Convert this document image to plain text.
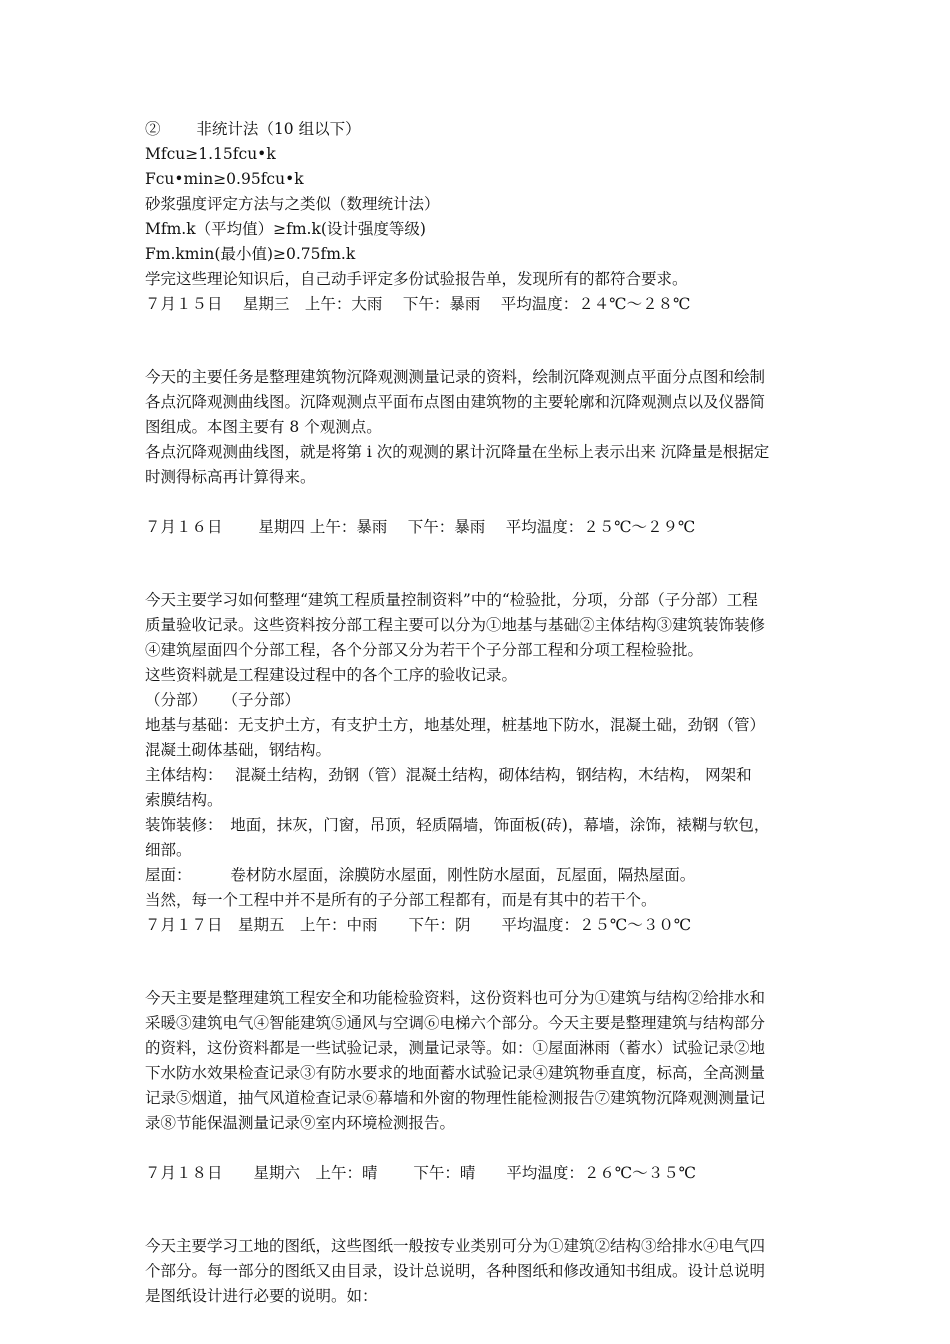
②　　 非统计法（10 组以下）
Mfcu≥1.15fcu•k
Fcu•min≥0.95fcu•k
砂浆强度评定方法与之类似（数理统计法）
Mfm.k（平均值）≥fm.k(设计强度等级)
Fm.kmin(最小值)≥0.75fm.k
学完这些理论知识后，自己动手评定多份试验报告单，发现所有的都符合要求。
７月１５日　 星期三　上午：大雨　 下午：暴雨　 平均温度：２４℃～２８℃
今天的主要任务是整理建筑物沉降观测测量记录的资料，绘制沉降观测点平面分点图和绘制
各点沉降观测曲线图。沉降观测点平面布点图由建筑物的主要轮廓和沉降观测点以及仪器简
图组成。本图主要有 8 个观测点。
各点沉降观测曲线图，就是将第 i 次的观测的累计沉降量在坐标上表示出来 沉降量是根据定
时测得标高再计算得来。
７月１６日　　 星期四 上午：暴雨　 下午：暴雨　 平均温度：２５℃～２９℃
今天主要学习如何整理“建筑工程质量控制资料”中的“检验批，分项，分部（子分部）工程
质量验收记录。这些资料按分部工程主要可以分为①地基与基础②主体结构③建筑装饰装修
④建筑屋面四个分部工程，各个分部又分为若干个子分部工程和分项工程检验批。
这些资料就是工程建设过程中的各个工序的验收记录。
（分部）　　（子分部）
地基与基础：无支护土方，有支护土方，地基处理，桩基地下防水，混凝土础，劲钢（管）
混凝土砌体基础，钢结构。
主体结构：　 混凝土结构，劲钢（管）混凝土结构，砌体结构，钢结构，木结构， 网架和
索膜结构。
装饰装修：　地面，抹灰，门窗，吊顶，轻质隔墙，饰面板(砖)，幕墙，涂饰，裱糊与软包，
细部。
屋面：　　　卷材防水屋面，涂膜防水屋面，刚性防水屋面，瓦屋面，隔热屋面。
当然，每一个工程中并不是所有的子分部工程都有，而是有其中的若干个。
７月１７日　星期五　上午：中雨　　下午：阴　　平均温度：２５℃～３０℃
今天主要是整理建筑工程安全和功能检验资料，这份资料也可分为①建筑与结构②给排水和
采暖③建筑电气④智能建筑⑤通风与空调⑥电梯六个部分。今天主要是整理建筑与结构部分
的资料，这份资料都是一些试验记录，测量记录等。如：①屋面淋雨（蓄水）试验记录②地
下水防水效果检查记录③有防水要求的地面蓄水试验记录④建筑物垂直度，标高，全高测量
记录⑤烟道，抽气风道检查记录⑥幕墙和外窗的物理性能检测报告⑦建筑物沉降观测测量记
录⑧节能保温测量记录⑨室内环境检测报告。
７月１８日　　星期六　上午：晴　　 下午：晴　　平均温度：２６℃～３５℃
今天主要学习工地的图纸，这些图纸一般按专业类别可分为①建筑②结构③给排水④电气四
个部分。每一部分的图纸又由目录，设计总说明，各种图纸和修改通知书组成。设计总说明
是图纸设计进行必要的说明。如：
